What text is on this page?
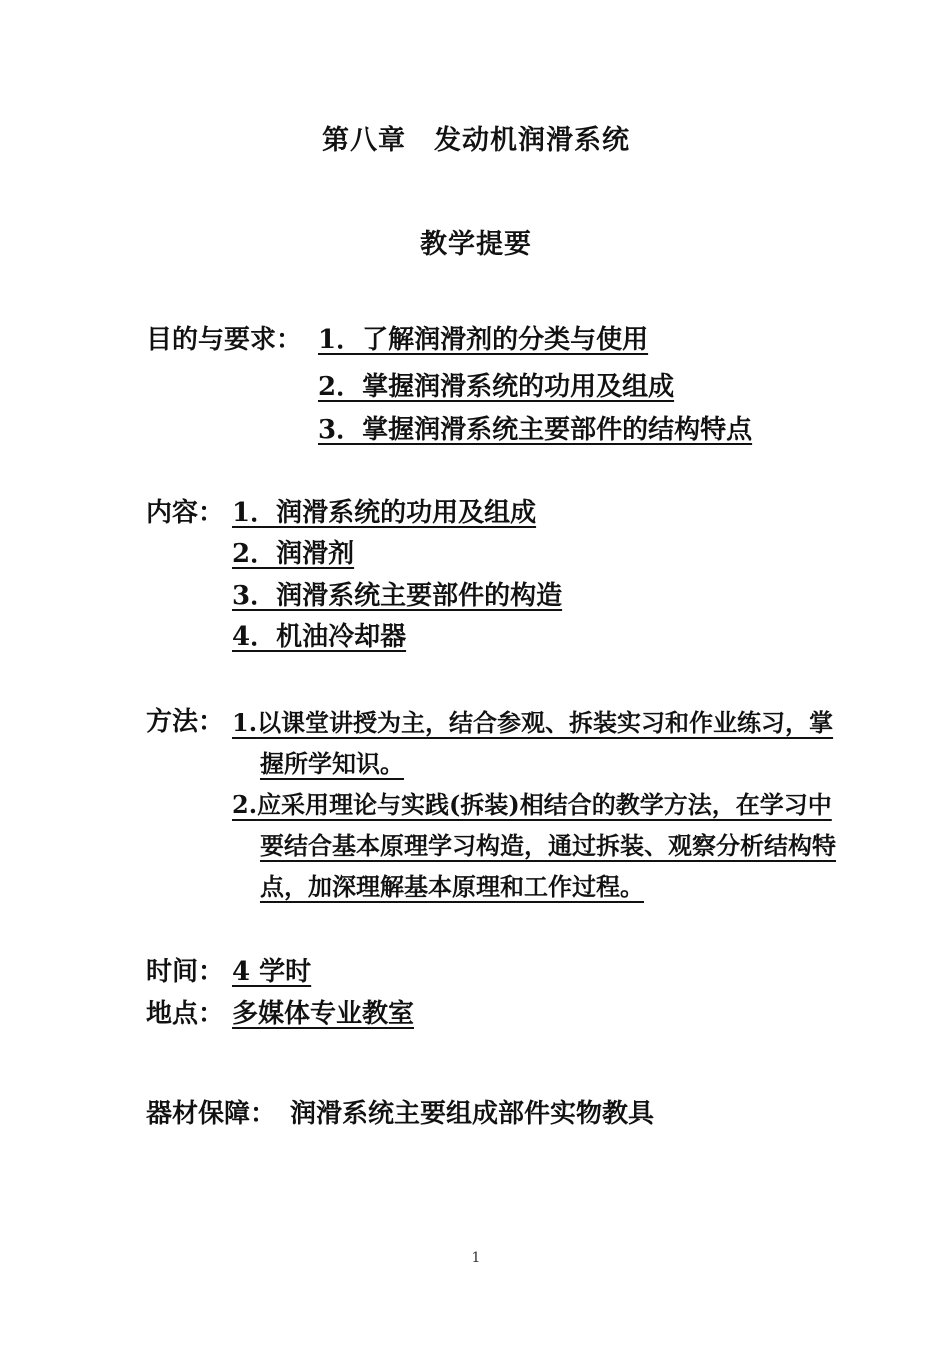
第八章　发动机润滑系统
教学提要
目的与要求： 1．了解润滑剂的分类与使用
2．掌握润滑系统的功用及组成
3．掌握润滑系统主要部件的结构特点
内容： 1．润滑系统的功用及组成
2．润滑剂
3．润滑系统主要部件的构造
4．机油冷却器
方法： 1.以课堂讲授为主，结合参观、拆装实习和作业练习，掌握所学知识。
2.应采用理论与实践(拆装)相结合的教学方法，在学习中要结合基本原理学习构造，通过拆装、观察分析结构特点，加深理解基本原理和工作过程。
时间： 4 学时
地点： 多媒体专业教室
器材保障： 润滑系统主要组成部件实物教具
1
